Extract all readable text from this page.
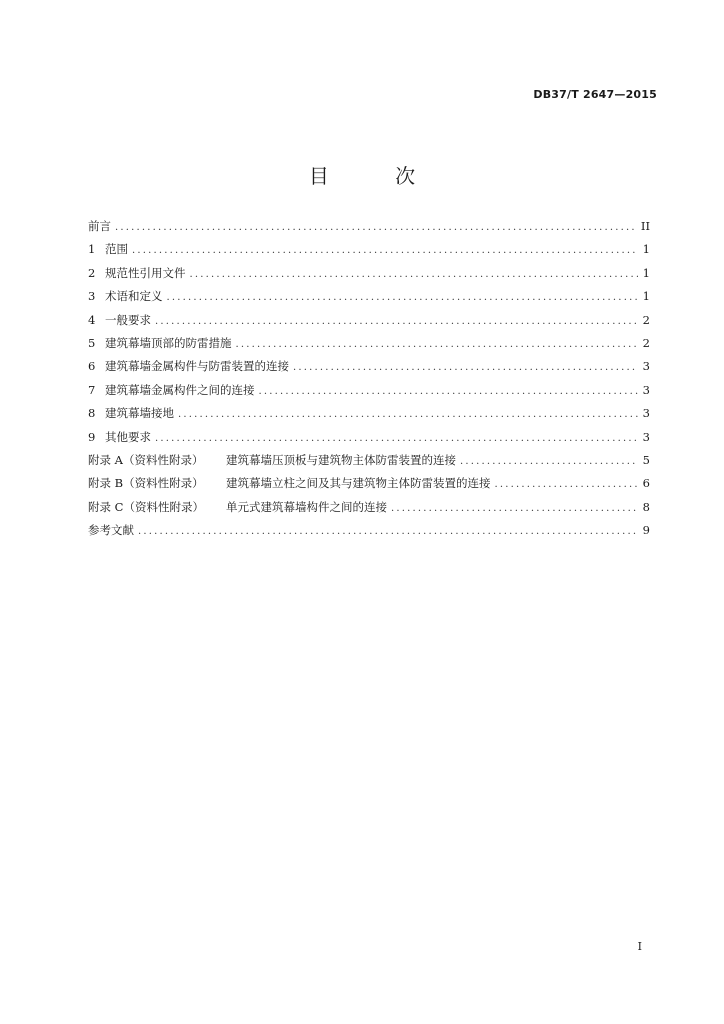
DB37/T 2647—2015
目 次
前言 .....	II
1 范围 .....	1
2 规范性引用文件 .....	1
3 术语和定义 .....	1
4 一般要求 .....	2
5 建筑幕墙顶部的防雷措施 .....	2
6 建筑幕墙金属构件与防雷装置的连接 .....	3
7 建筑幕墙金属构件之间的连接 .....	3
8 建筑幕墙接地 .....	3
9 其他要求 .....	3
附录 A（资料性附录） 建筑幕墙压顶板与建筑物主体防雷装置的连接 .....	5
附录 B（资料性附录） 建筑幕墙立柱之间及其与建筑物主体防雷装置的连接 .....	6
附录 C（资料性附录） 单元式建筑幕墙构件之间的连接 .....	8
参考文献 .....	9
I
